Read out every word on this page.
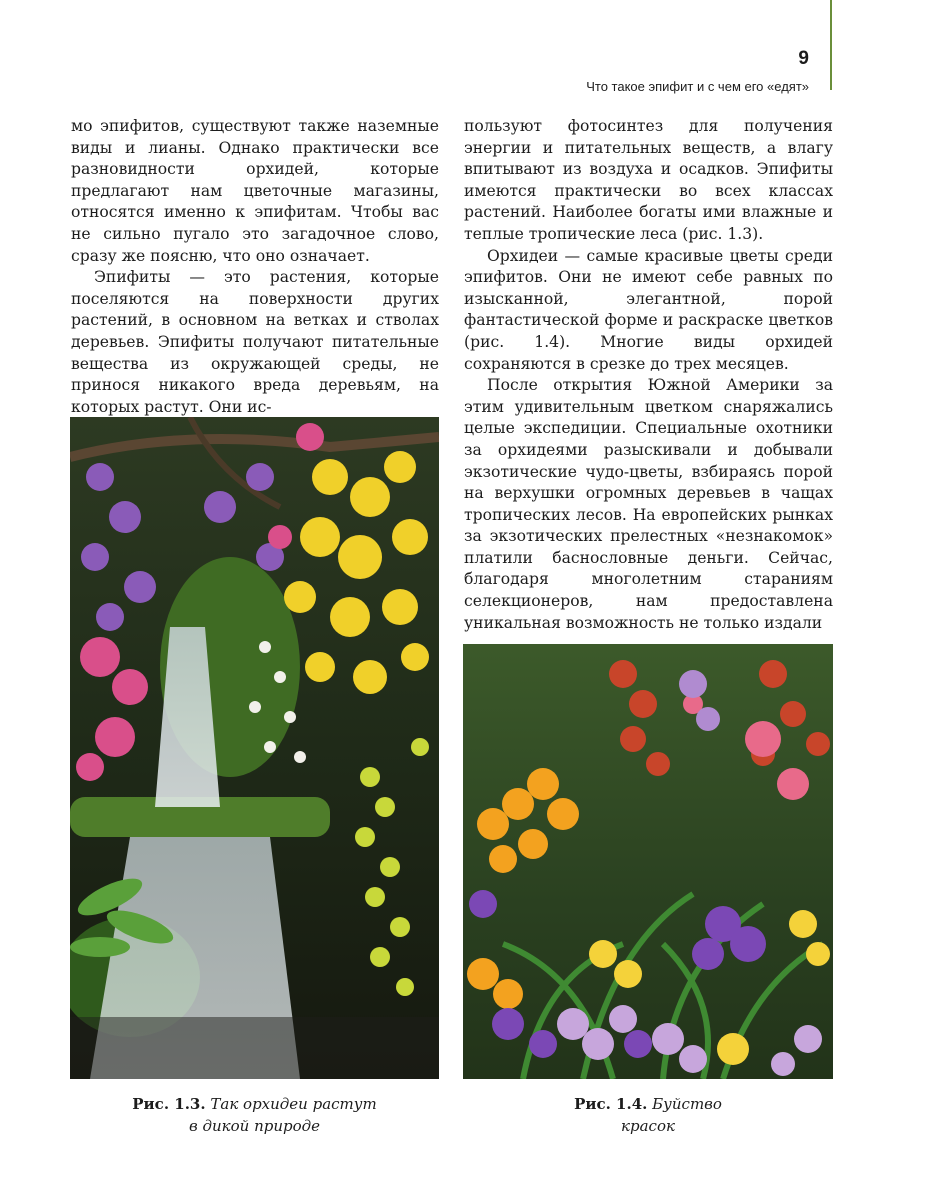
9
Что такое эпифит и с чем его «едят»

мо эпифитов, существуют также наземные виды и лианы. Однако практически все разновидности орхидей, которые предлагают нам цветочные магазины, относятся именно к эпифитам. Чтобы вас не сильно пугало это загадочное слово, сразу же поясню, что оно означает.

Эпифиты — это растения, которые поселяются на поверхности других растений, в основном на ветках и стволах деревьев. Эпифиты получают питательные вещества из окружающей среды, не принося никакого вреда деревьям, на которых растут. Они ис-

пользуют фотосинтез для получения энергии и питательных веществ, а влагу впитывают из воздуха и осадков. Эпифиты имеются практически во всех классах растений. Наиболее богаты ими влажные и теплые тропические леса (рис. 1.3).

Орхидеи — самые красивые цветы среди эпифитов. Они не имеют себе равных по изысканной, элегантной, порой фантастической форме и раскраске цветков (рис. 1.4). Многие виды орхидей сохраняются в срезке до трех месяцев.

После открытия Южной Америки за этим удивительным цветком снаряжались целые экспедиции. Специальные охотники за орхидеями разыскивали и добывали экзотические чудо-цветы, взбираясь порой на верхушки огромных деревьев в чащах тропических лесов. На европейских рынках за экзотических прелестных «незнакомок» платили баснословные деньги. Сейчас, благодаря многолетним стараниям селекционеров, нам предоставлена уникальная возможность не только издали

Рис. 1.3. Так орхидеи растут
в дикой природе
Рис. 1.4. Буйство
красок
